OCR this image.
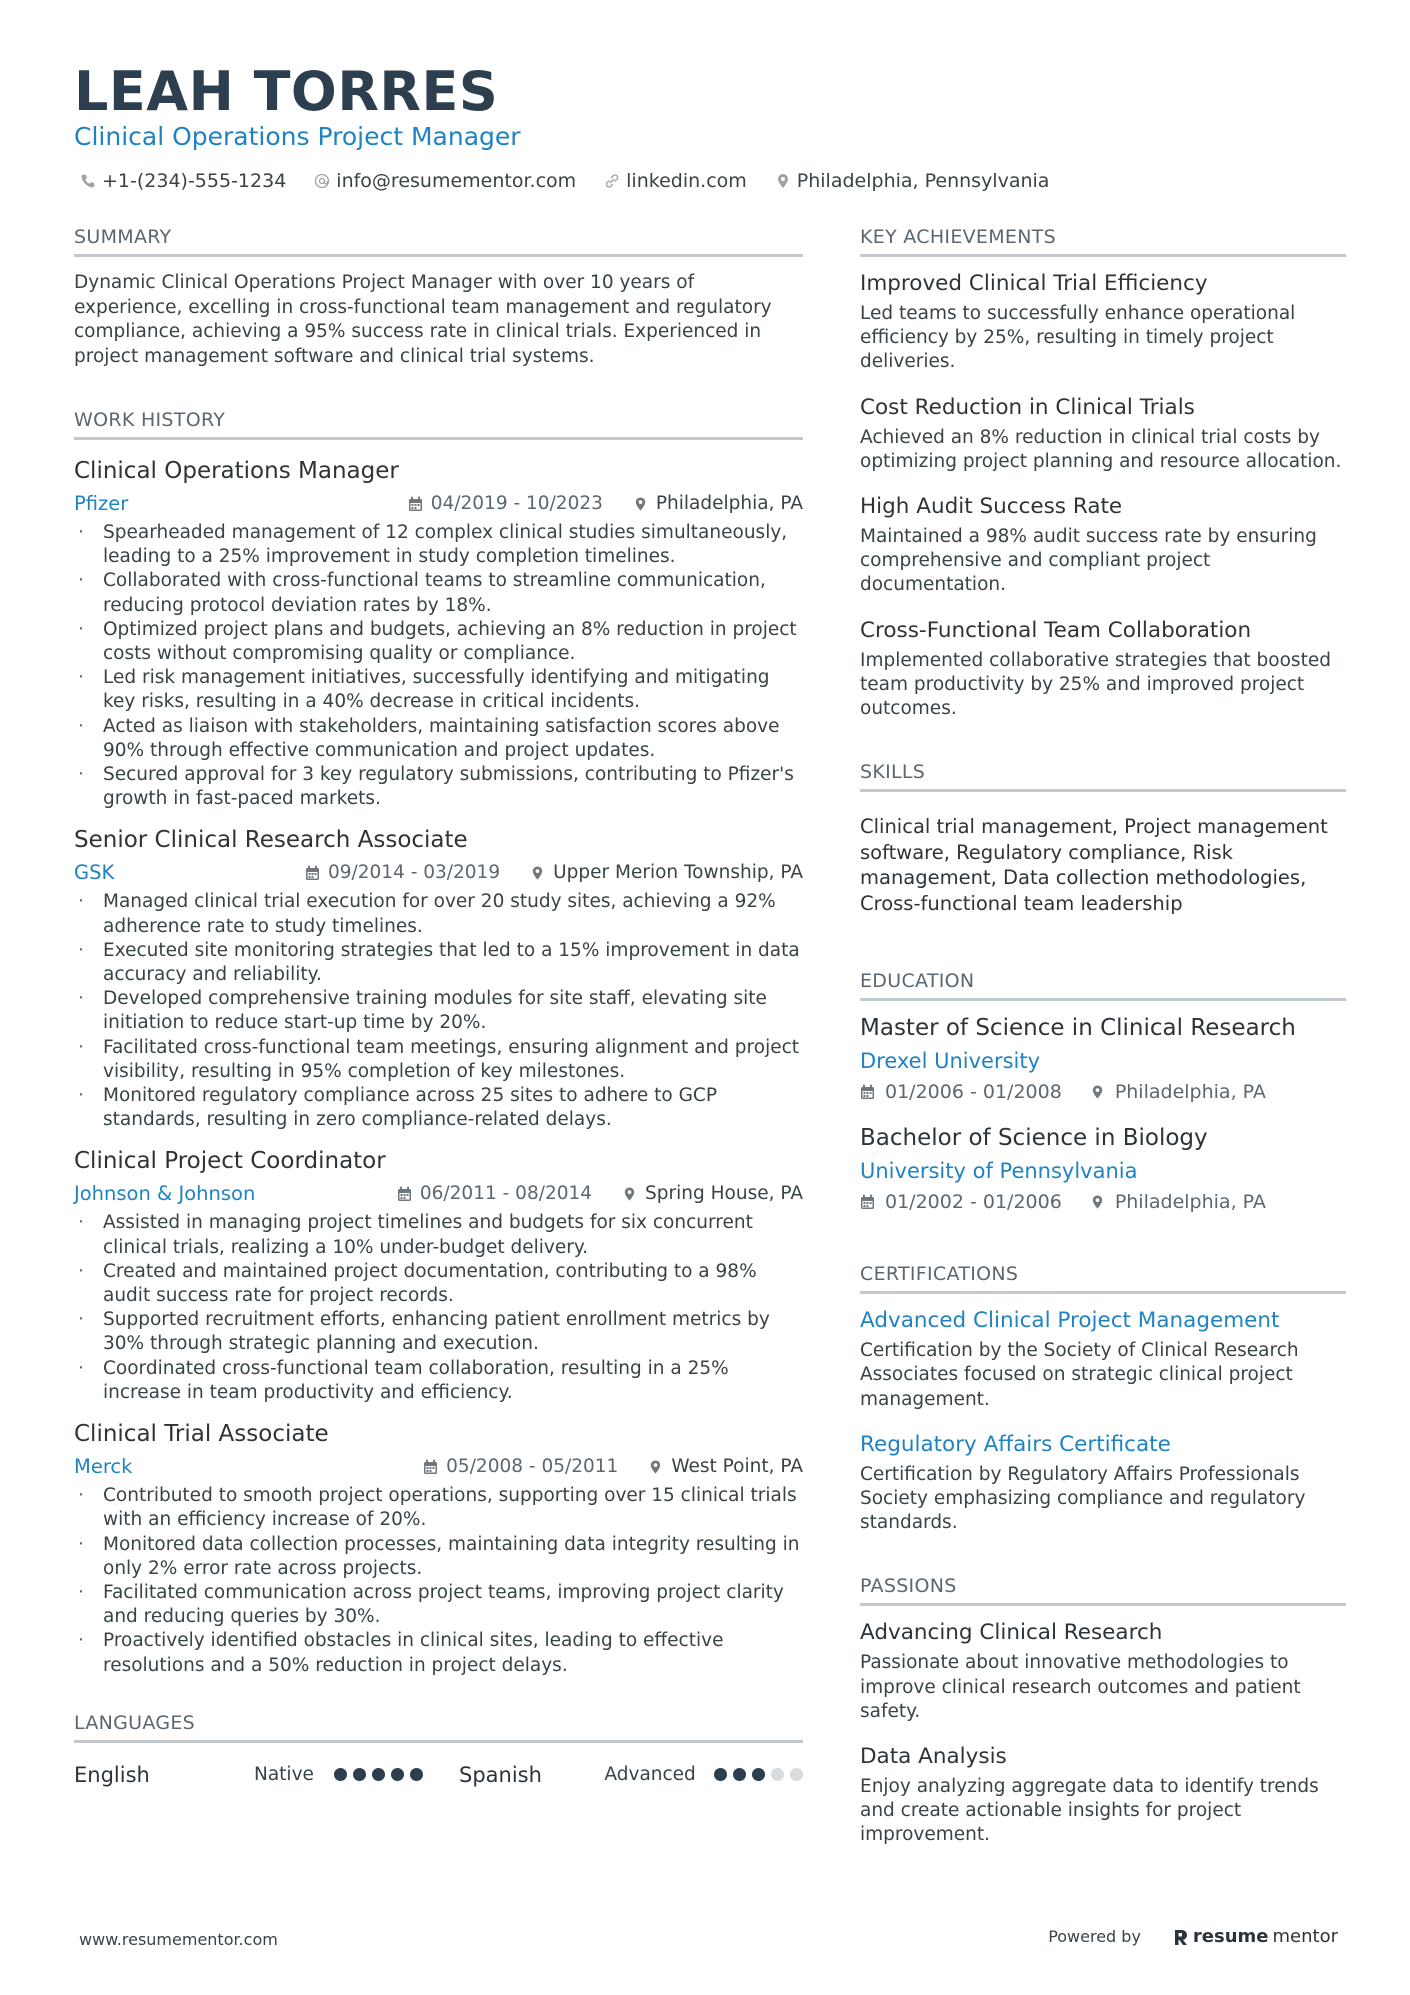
LEAH TORRES
Clinical Operations Project Manager
+1-(234)-555-1234	info@resumementor.com	linkedin.com	Philadelphia, Pennsylvania
SUMMARY
Dynamic Clinical Operations Project Manager with over 10 years of experience, excelling in cross-functional team management and regulatory compliance, achieving a 95% success rate in clinical trials. Experienced in project management software and clinical trial systems.
WORK HISTORY
Clinical Operations Manager
Pfizer	04/2019 - 10/2023	Philadelphia, PA
· Spearheaded management of 12 complex clinical studies simultaneously, leading to a 25% improvement in study completion timelines.
· Collaborated with cross-functional teams to streamline communication, reducing protocol deviation rates by 18%.
· Optimized project plans and budgets, achieving an 8% reduction in project costs without compromising quality or compliance.
· Led risk management initiatives, successfully identifying and mitigating key risks, resulting in a 40% decrease in critical incidents.
· Acted as liaison with stakeholders, maintaining satisfaction scores above 90% through effective communication and project updates.
· Secured approval for 3 key regulatory submissions, contributing to Pfizer's growth in fast-paced markets.
Senior Clinical Research Associate
GSK	09/2014 - 03/2019	Upper Merion Township, PA
· Managed clinical trial execution for over 20 study sites, achieving a 92% adherence rate to study timelines.
· Executed site monitoring strategies that led to a 15% improvement in data accuracy and reliability.
· Developed comprehensive training modules for site staff, elevating site initiation to reduce start-up time by 20%.
· Facilitated cross-functional team meetings, ensuring alignment and project visibility, resulting in 95% completion of key milestones.
· Monitored regulatory compliance across 25 sites to adhere to GCP standards, resulting in zero compliance-related delays.
Clinical Project Coordinator
Johnson & Johnson	06/2011 - 08/2014	Spring House, PA
· Assisted in managing project timelines and budgets for six concurrent clinical trials, realizing a 10% under-budget delivery.
· Created and maintained project documentation, contributing to a 98% audit success rate for project records.
· Supported recruitment efforts, enhancing patient enrollment metrics by 30% through strategic planning and execution.
· Coordinated cross-functional team collaboration, resulting in a 25% increase in team productivity and efficiency.
Clinical Trial Associate
Merck	05/2008 - 05/2011	West Point, PA
· Contributed to smooth project operations, supporting over 15 clinical trials with an efficiency increase of 20%.
· Monitored data collection processes, maintaining data integrity resulting in only 2% error rate across projects.
· Facilitated communication across project teams, improving project clarity and reducing queries by 30%.
· Proactively identified obstacles in clinical sites, leading to effective resolutions and a 50% reduction in project delays.
LANGUAGES
English	Native	Spanish	Advanced
KEY ACHIEVEMENTS
Improved Clinical Trial Efficiency
Led teams to successfully enhance operational efficiency by 25%, resulting in timely project deliveries.
Cost Reduction in Clinical Trials
Achieved an 8% reduction in clinical trial costs by optimizing project planning and resource allocation.
High Audit Success Rate
Maintained a 98% audit success rate by ensuring comprehensive and compliant project documentation.
Cross-Functional Team Collaboration
Implemented collaborative strategies that boosted team productivity by 25% and improved project outcomes.
SKILLS
Clinical trial management, Project management software, Regulatory compliance, Risk management, Data collection methodologies, Cross-functional team leadership
EDUCATION
Master of Science in Clinical Research
Drexel University
01/2006 - 01/2008	Philadelphia, PA
Bachelor of Science in Biology
University of Pennsylvania
01/2002 - 01/2006	Philadelphia, PA
CERTIFICATIONS
Advanced Clinical Project Management
Certification by the Society of Clinical Research Associates focused on strategic clinical project management.
Regulatory Affairs Certificate
Certification by Regulatory Affairs Professionals Society emphasizing compliance and regulatory standards.
PASSIONS
Advancing Clinical Research
Passionate about innovative methodologies to improve clinical research outcomes and patient safety.
Data Analysis
Enjoy analyzing aggregate data to identify trends and create actionable insights for project improvement.
www.resumementor.com	Powered by	resume mentor
